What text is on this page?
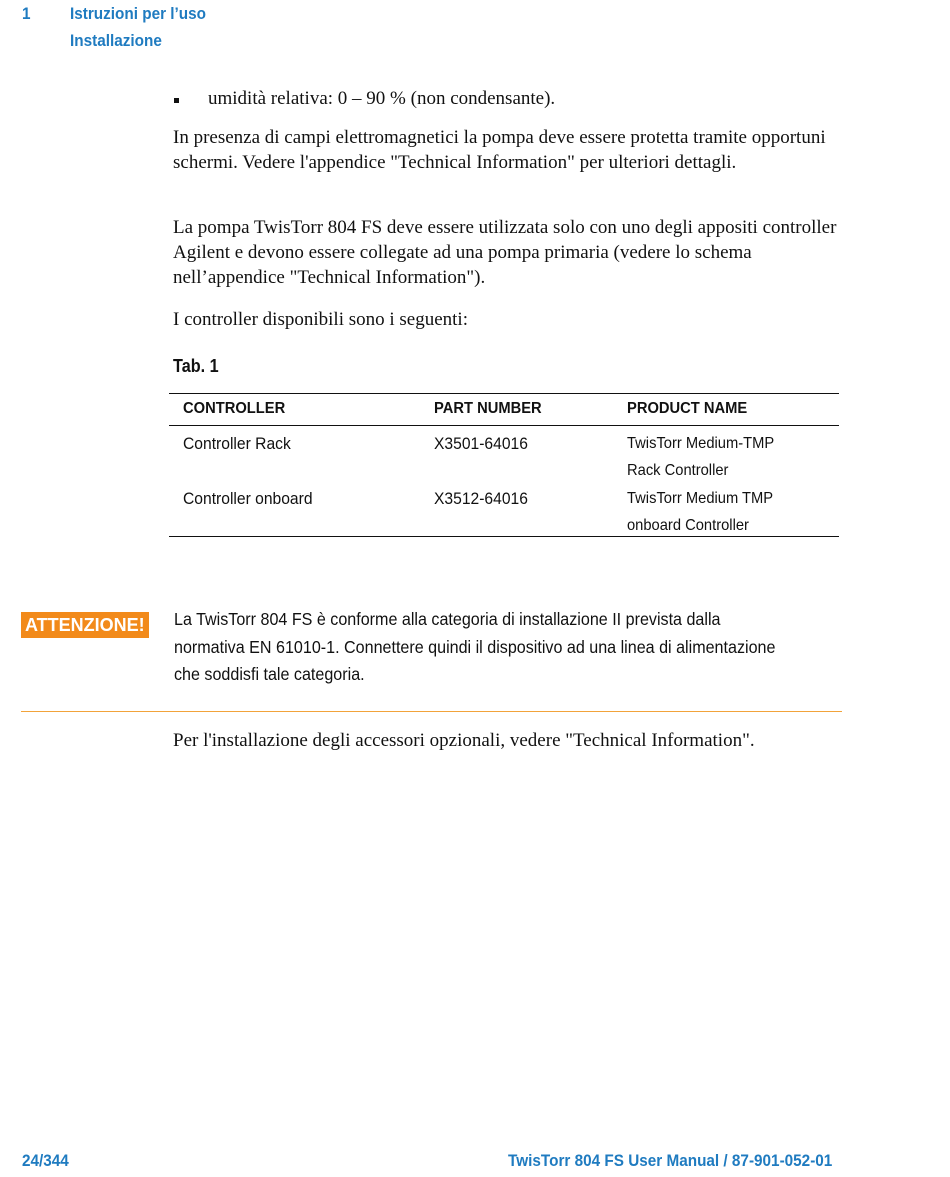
1 Istruzioni per l’uso
Installazione
umidità relativa: 0 – 90 % (non condensante).

In presenza di campi elettromagnetici la pompa deve essere protetta tramite opportuni schermi. Vedere l'appendice "Technical Information" per ulteriori dettagli.

La pompa TwisTorr 804 FS deve essere utilizzata solo con uno degli appositi controller Agilent e devono essere collegate ad una pompa primaria (vedere lo schema nell’appendice "Technical Information").

I controller disponibili sono i seguenti:

Tab. 1
CONTROLLER	PART NUMBER	PRODUCT NAME
Controller Rack	X3501-64016	TwisTorr Medium-TMP Rack Controller
Controller onboard	X3512-64016	TwisTorr Medium TMP onboard Controller
ATTENZIONE! La TwisTorr 804 FS è conforme alla categoria di installazione II prevista dalla normativa EN 61010-1. Connettere quindi il dispositivo ad una linea di alimentazione che soddisfi tale categoria.

Per l'installazione degli accessori opzionali, vedere "Technical Information".

24/344	TwisTorr 804 FS User Manual / 87-901-052-01
